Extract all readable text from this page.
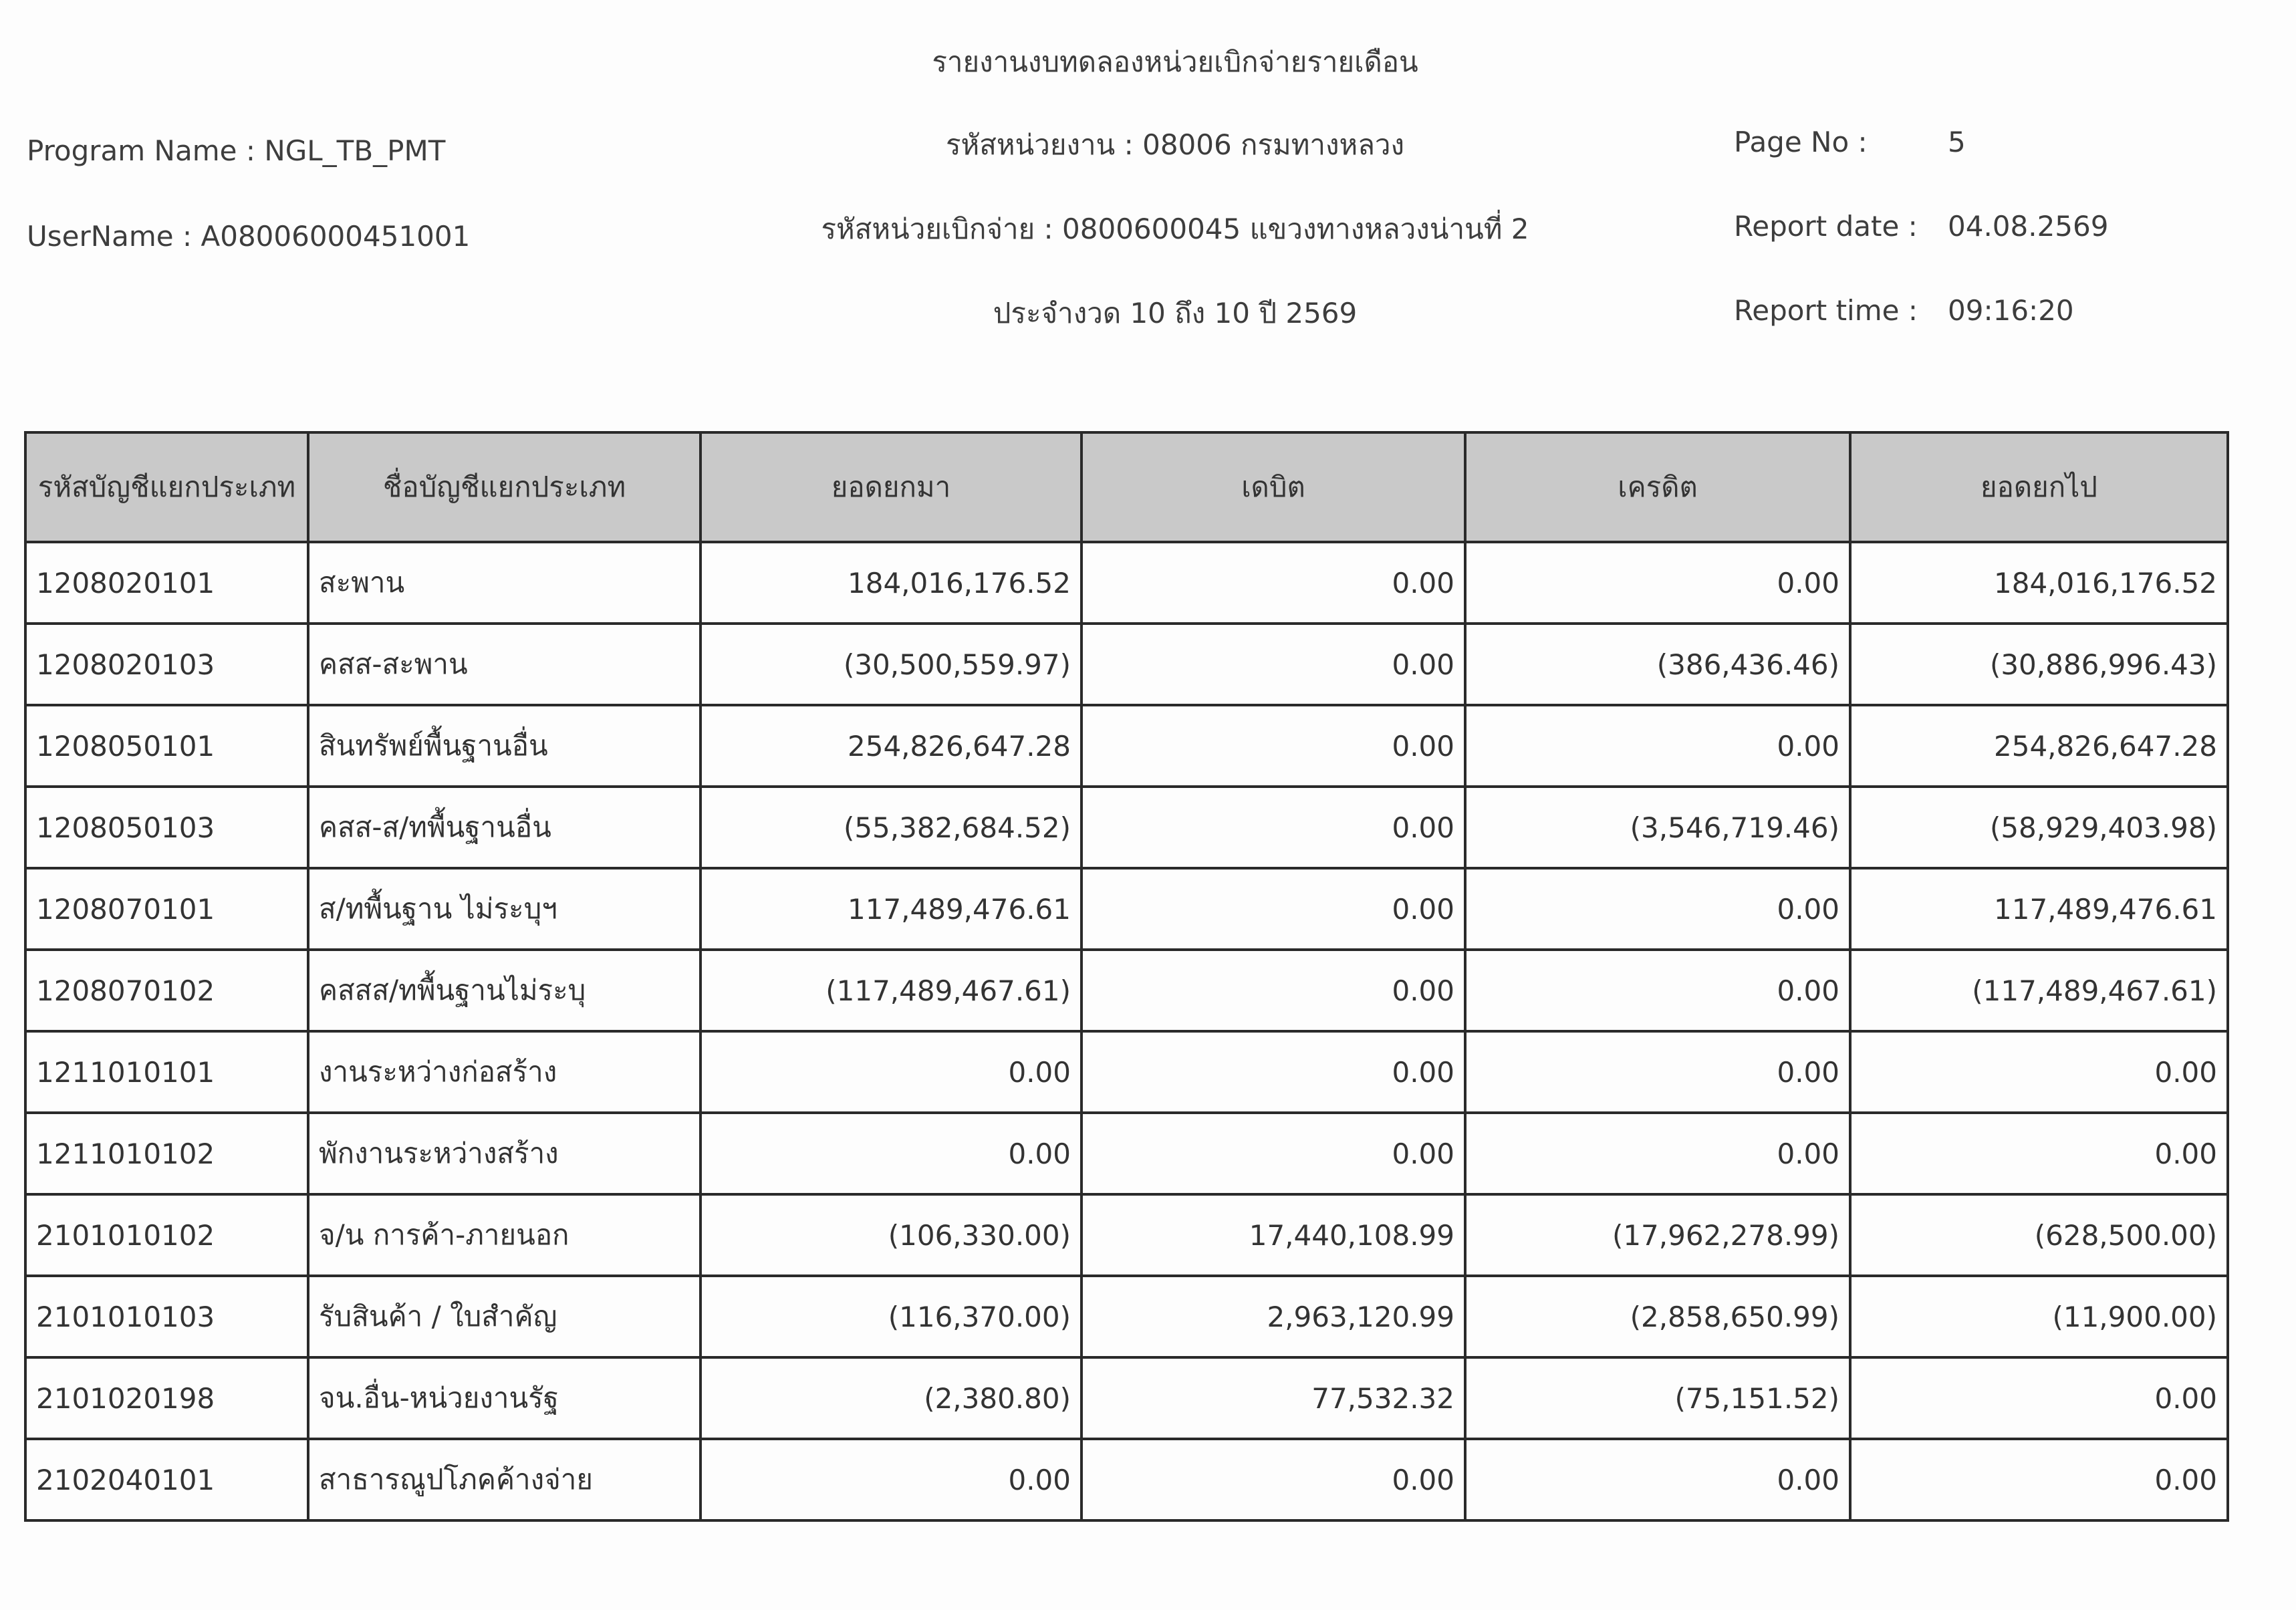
รายงานงบทดลองหน่วยเบิกจ่ายรายเดือน
Program Name : NGL_TB_PMT	รหัสหน่วยงาน : 08006 กรมทางหลวง	Page No :	5
UserName : A08006000451001	รหัสหน่วยเบิกจ่าย : 0800600045 แขวงทางหลวงน่านที่ 2	Report date : 04.08.2569
ประจำงวด 10 ถึง 10 ปี 2569	Report time : 09:16:20
รหัสบัญชีแยกประเภท	ชื่อบัญชีแยกประเภท	ยอดยกมา	เดบิต	เครดิต	ยอดยกไป
1208020101	สะพาน	184,016,176.52	0.00	0.00	184,016,176.52
1208020103	คสส-สะพาน	(30,500,559.97)	0.00	(386,436.46)	(30,886,996.43)
1208050101	สินทรัพย์พื้นฐานอื่น	254,826,647.28	0.00	0.00	254,826,647.28
1208050103	คสส-ส/ทพื้นฐานอื่น	(55,382,684.52)	0.00	(3,546,719.46)	(58,929,403.98)
1208070101	ส/ทพื้นฐาน ไม่ระบุฯ	117,489,476.61	0.00	0.00	117,489,476.61
1208070102	คสสส/ทพื้นฐานไม่ระบุ	(117,489,467.61)	0.00	0.00	(117,489,467.61)
1211010101	งานระหว่างก่อสร้าง	0.00	0.00	0.00	0.00
1211010102	พักงานระหว่างสร้าง	0.00	0.00	0.00	0.00
2101010102	จ/น การค้า-ภายนอก	(106,330.00)	17,440,108.99	(17,962,278.99)	(628,500.00)
2101010103	รับสินค้า / ใบสำคัญ	(116,370.00)	2,963,120.99	(2,858,650.99)	(11,900.00)
2101020198	จน.อื่น-หน่วยงานรัฐ	(2,380.80)	77,532.32	(75,151.52)	0.00
2102040101	สาธารณูปโภคค้างจ่าย	0.00	0.00	0.00	0.00
